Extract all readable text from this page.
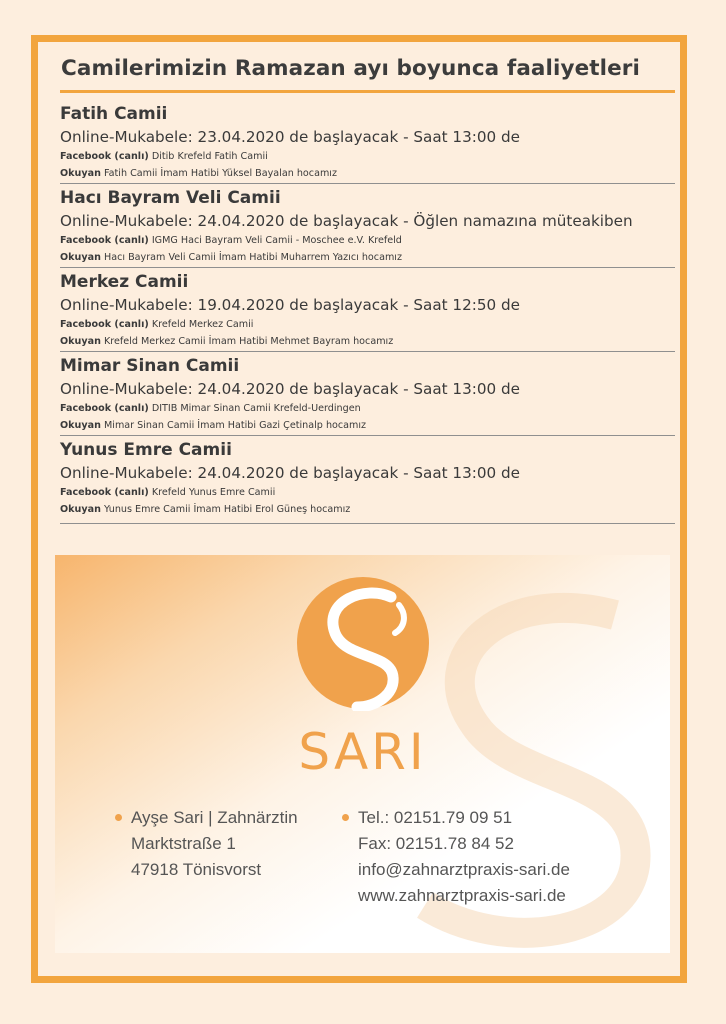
Camilerimizin Ramazan ayı boyunca faaliyetleri
Fatih Camii
Online-Mukabele: 23.04.2020 de başlayacak - Saat 13:00 de
Facebook (canlı) Ditib Krefeld Fatih Camii
Okuyan Fatih Camii İmam Hatibi Yüksel Bayalan hocamız
Hacı Bayram Veli Camii
Online-Mukabele: 24.04.2020 de başlayacak - Öğlen namazına müteakiben
Facebook (canlı) IGMG Haci Bayram Veli Camii - Moschee e.V. Krefeld
Okuyan Hacı Bayram Veli Camii İmam Hatibi Muharrem Yazıcı hocamız
Merkez Camii
Online-Mukabele: 19.04.2020 de başlayacak - Saat 12:50 de
Facebook (canlı) Krefeld Merkez Camii
Okuyan Krefeld Merkez Camii İmam Hatibi Mehmet Bayram hocamız
Mimar Sinan Camii
Online-Mukabele: 24.04.2020 de başlayacak - Saat 13:00 de
Facebook (canlı) DITIB Mimar Sinan Camii Krefeld-Uerdingen
Okuyan Mimar Sinan Camii İmam Hatibi Gazi Çetinalp hocamız
Yunus Emre Camii
Online-Mukabele: 24.04.2020 de başlayacak - Saat 13:00 de
Facebook (canlı) Krefeld Yunus Emre Camii
Okuyan Yunus Emre Camii İmam Hatibi Erol Güneş hocamız
SARI
Ayşe Sari | Zahnärztin
Marktstraße 1
47918 Tönisvorst
Tel.: 02151.79 09 51
Fax: 02151.78 84 52
info@zahnarztpraxis-sari.de
www.zahnarztpraxis-sari.de
